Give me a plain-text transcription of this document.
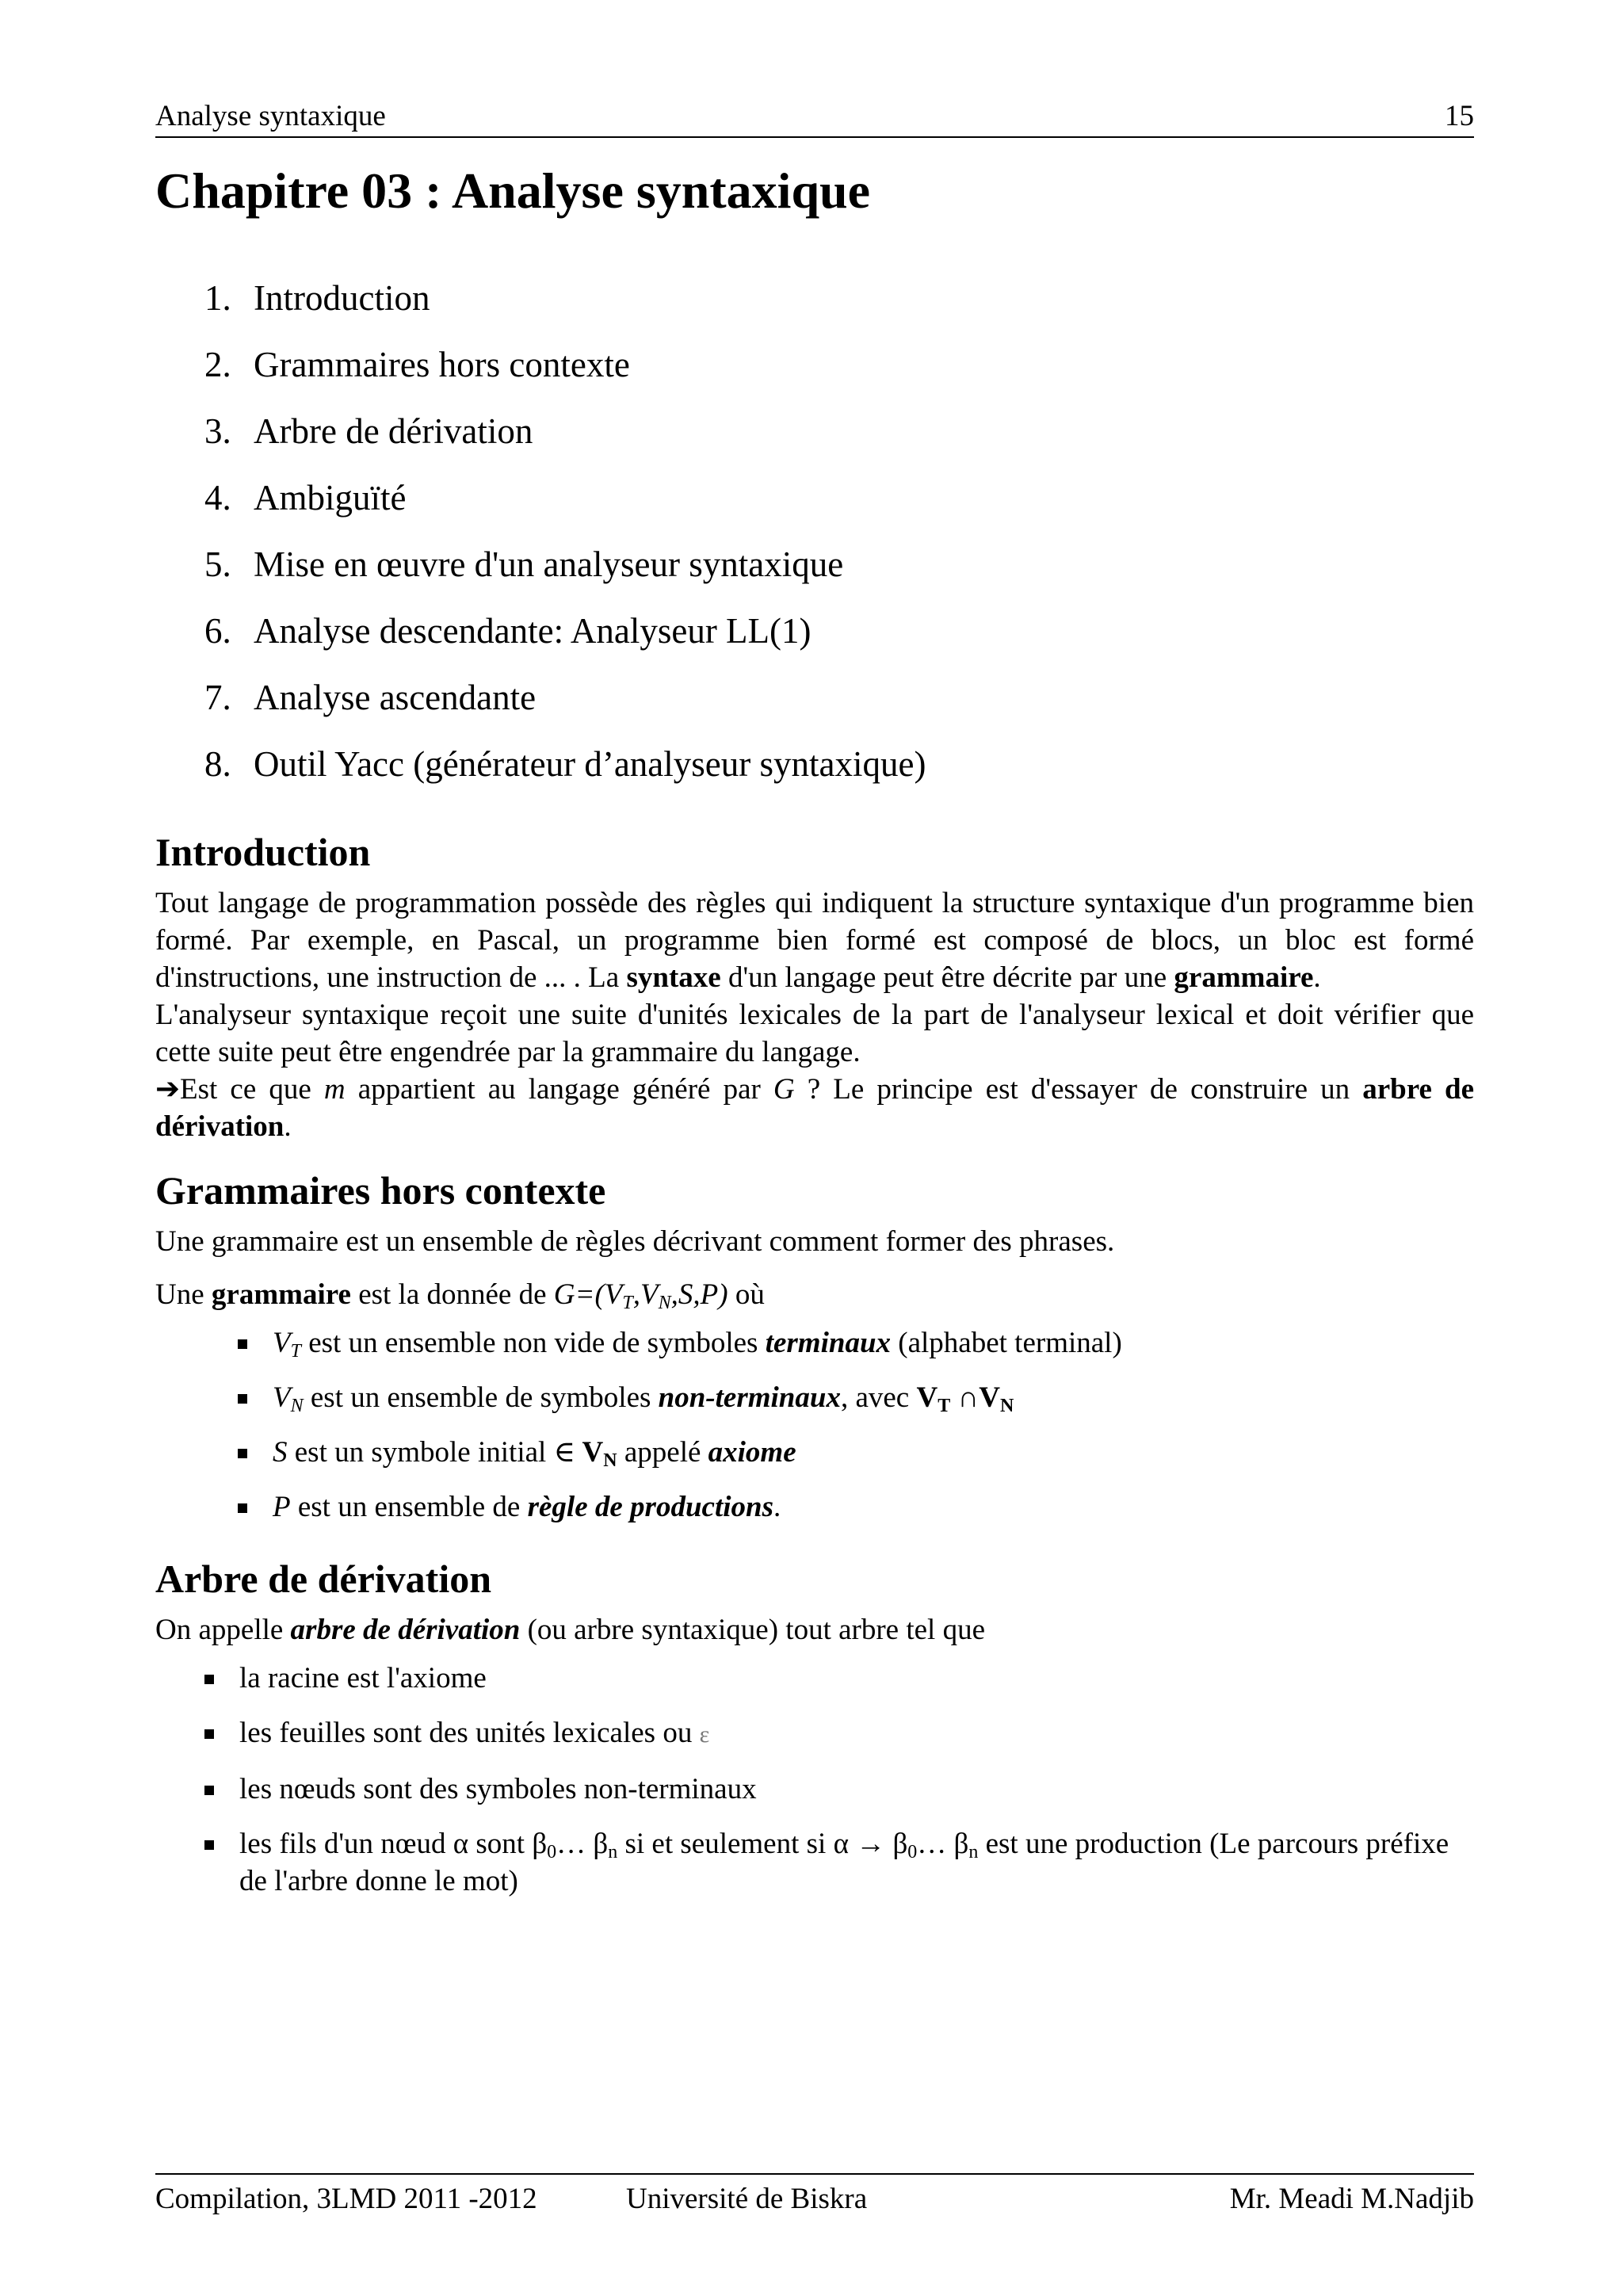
Analyse syntaxique	15
Chapitre 03 : Analyse syntaxique
1. Introduction
2. Grammaires hors contexte
3. Arbre de dérivation
4. Ambiguïté
5. Mise en œuvre d'un analyseur syntaxique
6. Analyse descendante: Analyseur LL(1)
7. Analyse ascendante
8. Outil Yacc (générateur d’analyseur syntaxique)
Introduction

Tout langage de programmation possède des règles qui indiquent la structure syntaxique d'un programme bien formé. Par exemple, en Pascal, un programme bien formé est composé de blocs, un bloc est formé d'instructions, une instruction de ... . La syntaxe d'un langage peut être décrite par une grammaire.

L'analyseur syntaxique reçoit une suite d'unités lexicales de la part de l'analyseur lexical et doit vérifier que cette suite peut être engendrée par la grammaire du langage.

➔Est ce que m appartient au langage généré par G ? Le principe est d'essayer de construire un arbre de dérivation.

Grammaires hors contexte

Une grammaire est un ensemble de règles décrivant comment former des phrases.

Une grammaire est la donnée de $G=(V_T,V_N,S,P)$ où

$V_T$ est un ensemble non vide de symboles terminaux (alphabet terminal)
$V_N$ est un ensemble de symboles non-terminaux, avec $V_T$ $\cap V_N$
S est un symbole initial ∈ $V_N$ appelé axiome
P est un ensemble de règle de productions.
Arbre de dérivation

On appelle arbre de dérivation (ou arbre syntaxique) tout arbre tel que

la racine est l'axiome
les feuilles sont des unités lexicales ou ε
les nœuds sont des symboles non-terminaux
les fils d'un nœud α sont $\beta_0\dots$ $\beta_n$ si et seulement si $\alpha \to \beta_0\dots$ $\beta_n$ est une production (Le parcours préfixe de l'arbre donne le mot)
Compilation, 3LMD 2011 -2012	Université de Biskra	Mr. Meadi M.Nadjib
